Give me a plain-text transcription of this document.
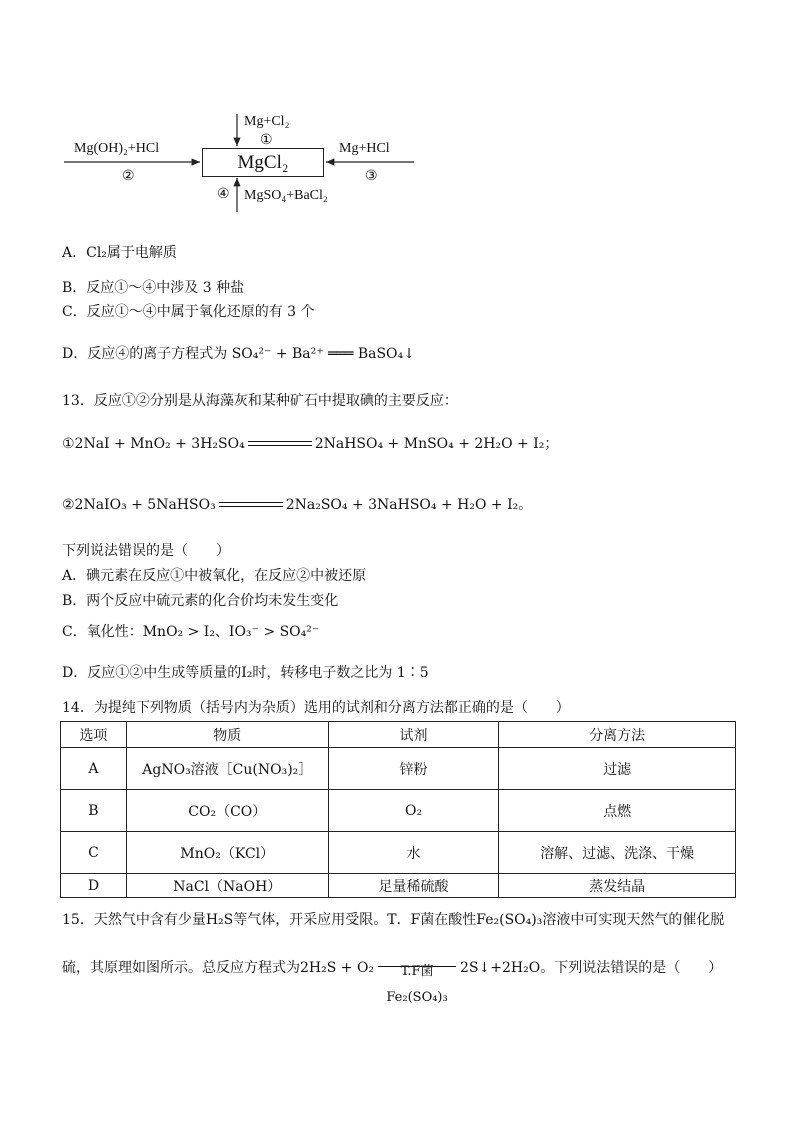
MgCl₂
Mg+Cl₂
①
Mg(OH)₂+HCl
②
Mg+HCl
③
④ MgSO₄+BaCl₂
A．Cl₂属于电解质
B．反应①～④中涉及 3 种盐
C．反应①～④中属于氧化还原的有 3 个
D．反应④的离子方程式为 SO₄²⁻ + Ba²⁺ ═══ BaSO₄↓
13．反应①②分别是从海藻灰和某种矿石中提取碘的主要反应：
①2NaI + MnO₂ + 3H₂SO₄	2NaHSO₄ + MnSO₄ + 2H₂O + I₂；
②2NaIO₃ + 5NaHSO₃	2Na₂SO₄ + 3NaHSO₄ + H₂O + I₂。
下列说法错误的是（　　）
A．碘元素在反应①中被氧化，在反应②中被还原
B．两个反应中硫元素的化合价均未发生变化
C．氧化性：MnO₂ > I₂、IO₃⁻ > SO₄²⁻
D．反应①②中生成等质量的I₂时，转移电子数之比为 1∶5
14．为提纯下列物质（括号内为杂质）选用的试剂和分离方法都正确的是（　　）
选项	物质	试剂	分离方法
A	AgNO₃溶液［Cu(NO₃)₂］	锌粉	过滤
B	CO₂（CO）	O₂	点燃
C	MnO₂（KCl）	水	溶解、过滤、洗涤、干燥
D	NaCl（NaOH）	足量稀硫酸	蒸发结晶
15．天然气中含有少量H₂S等气体，开采应用受限。T．F菌在酸性Fe₂(SO₄)₃溶液中可实现天然气的催化脱
硫，其原理如图所示。总反应方程式为2H₂S + O₂	T.F菌
Fe₂(SO₄)₃
2S↓+2H₂O。下列说法错误的是（　　）
